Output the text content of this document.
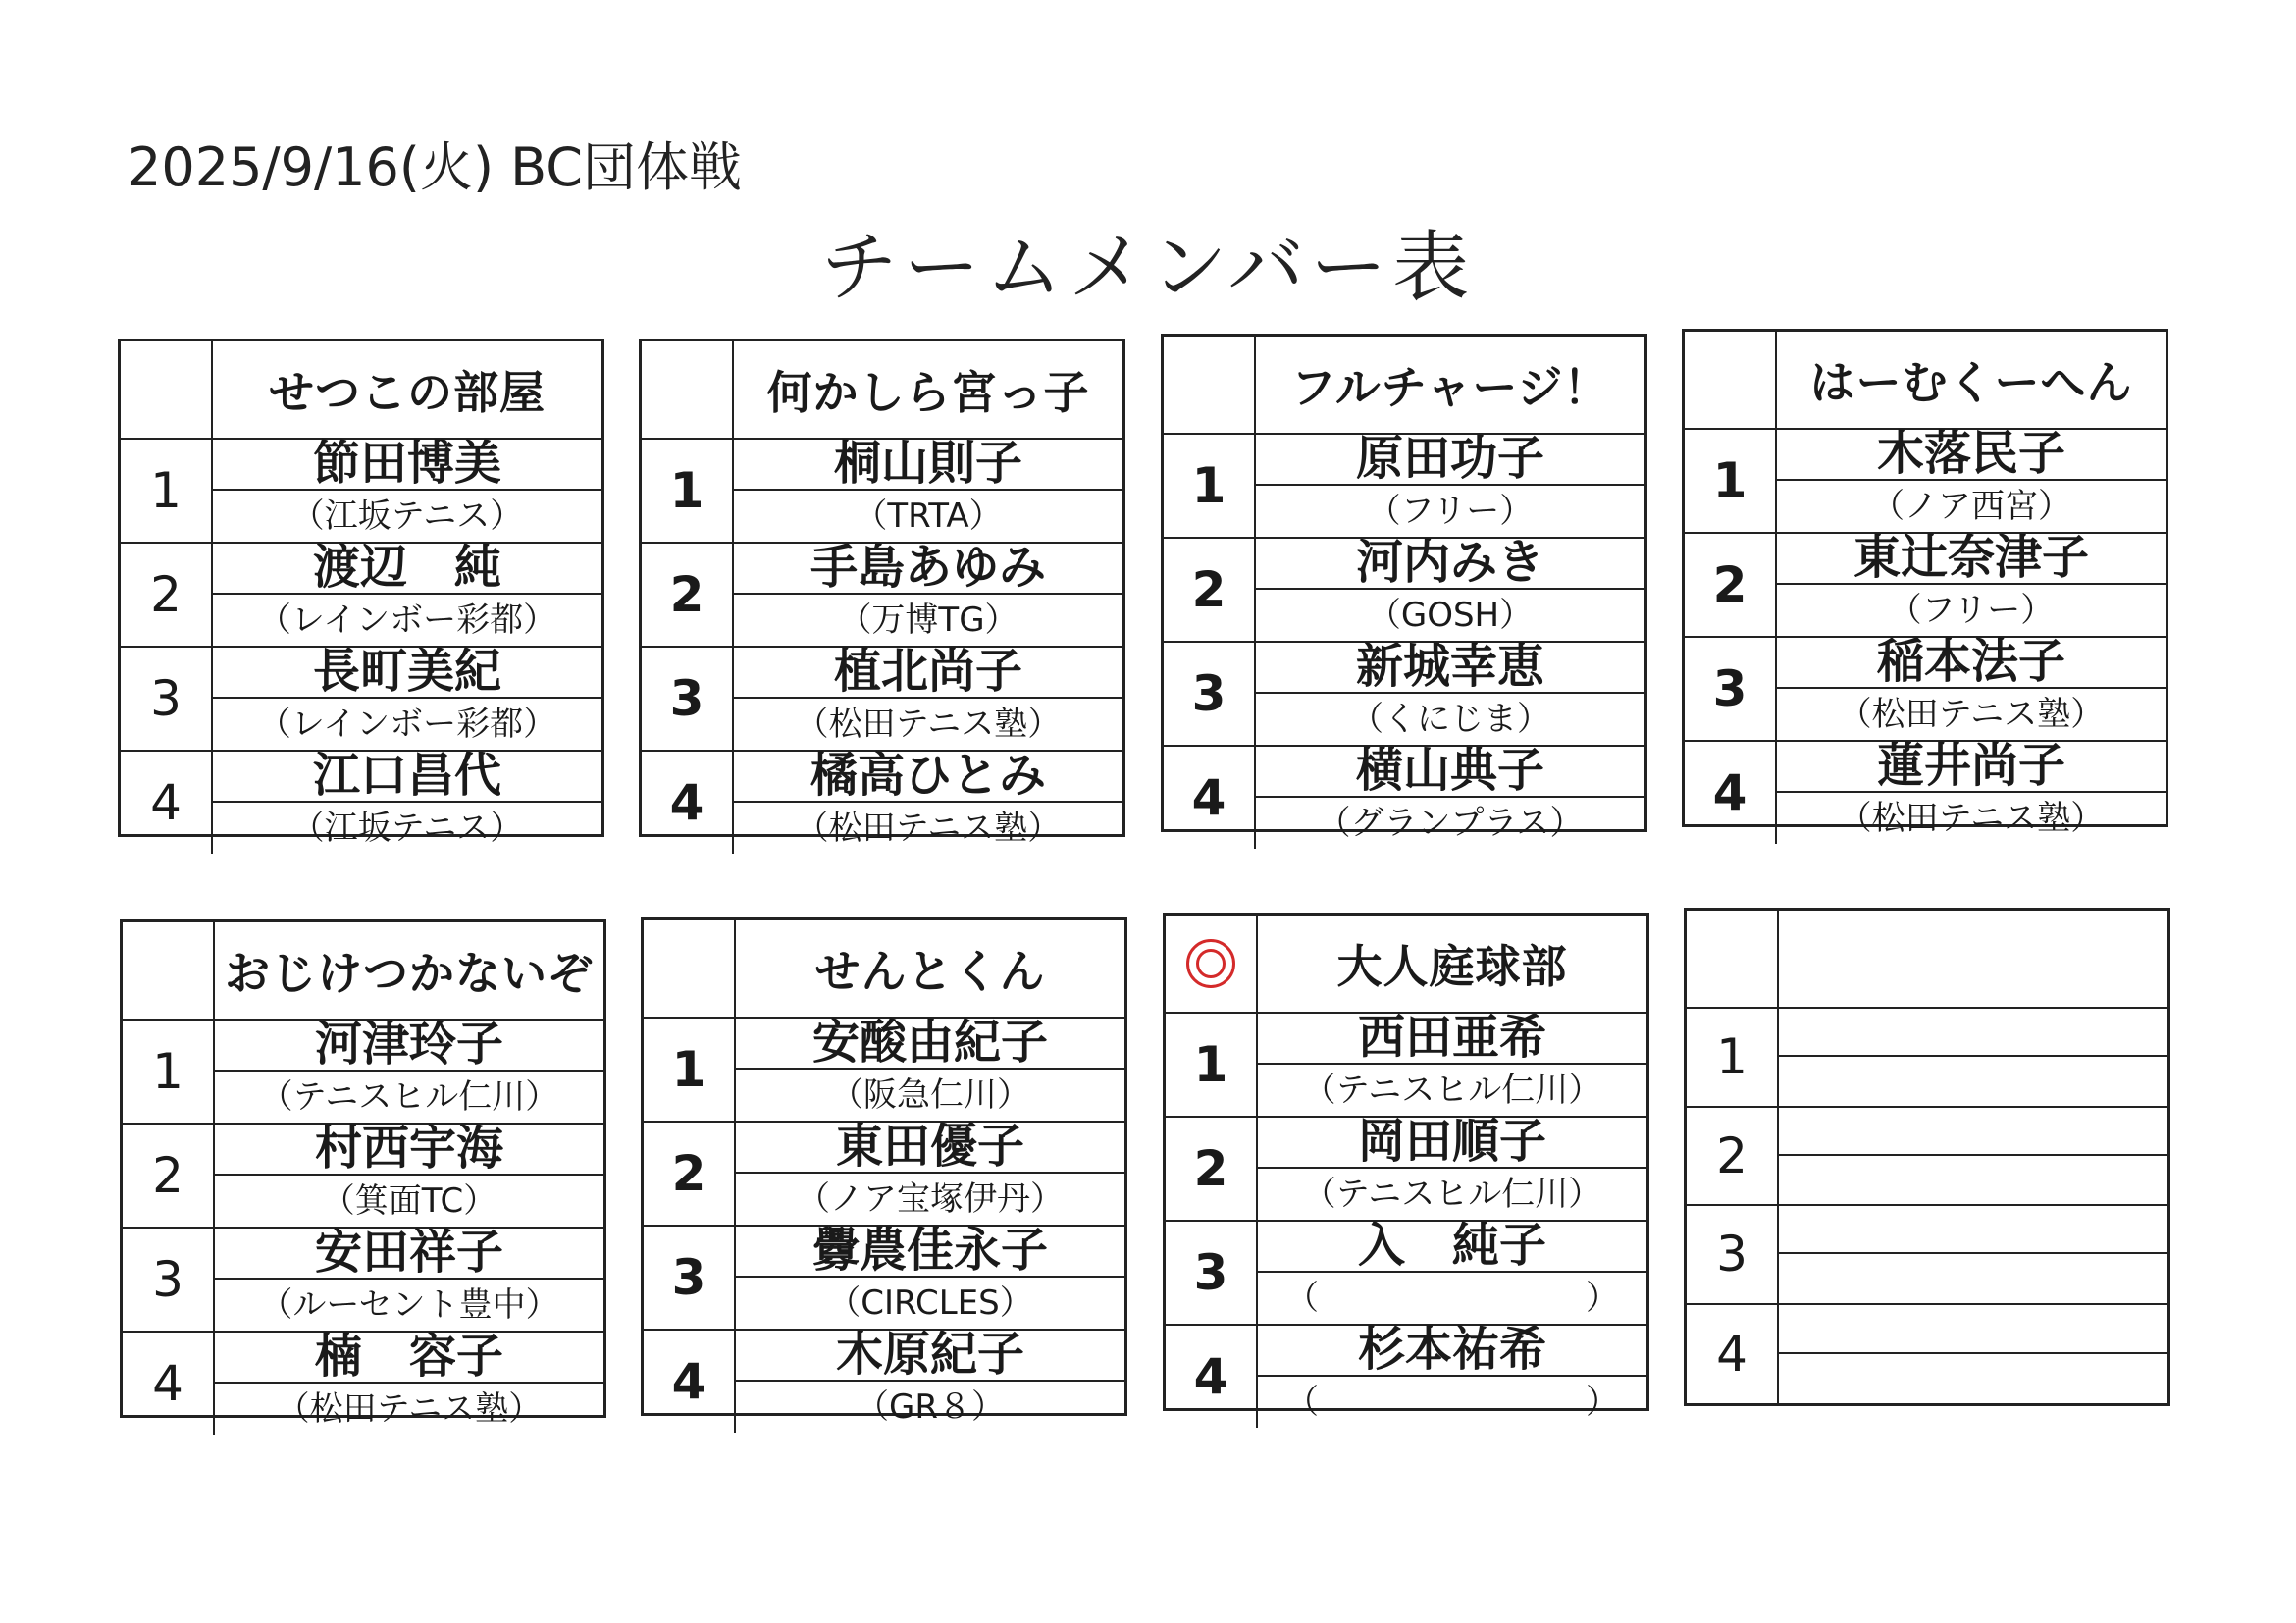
2025/9/16(火) BC団体戦
チームメンバー表
せつこの部屋
1	節田博美
（江坂テニス）
2	渡辺　純
（レインボー彩都）
3	長町美紀
（レインボー彩都）
4	江口昌代
（江坂テニス）
何かしら宮っ子
1	桐山則子
（TRTA）
2	手島あゆみ
（万博TG）
3	植北尚子
（松田テニス塾）
4	橘高ひとみ
（松田テニス塾）
フルチャージ！
1	原田功子
（フリー）
2	河内みき
（GOSH）
3	新城幸恵
（くにじま）
4	横山典子
（グランプラス）
はーむくーへん
1	木落民子
（ノア西宮）
2	東辻奈津子
（フリー）
3	稲本法子
（松田テニス塾）
4	蓮井尚子
（松田テニス塾）
おじけつかないぞ
1	河津玲子
（テニスヒル仁川）
2	村西宇海
（箕面TC）
3	安田祥子
（ルーセント豊中）
4	楠　容子
（松田テニス塾）
せんとくん
1	安酸由紀子
（阪急仁川）
2	東田優子
（ノア宝塚伊丹）
3	釁農佳永子
（CIRCLES）
4	木原紀子
（GR８）
大人庭球部
1	西田亜希
（テニスヒル仁川）
2	岡田順子
（テニスヒル仁川）
3	入　純子
（　　　　　　　　）
4	杉本祐希
（　　　　　　　　）
1
2
3
4
